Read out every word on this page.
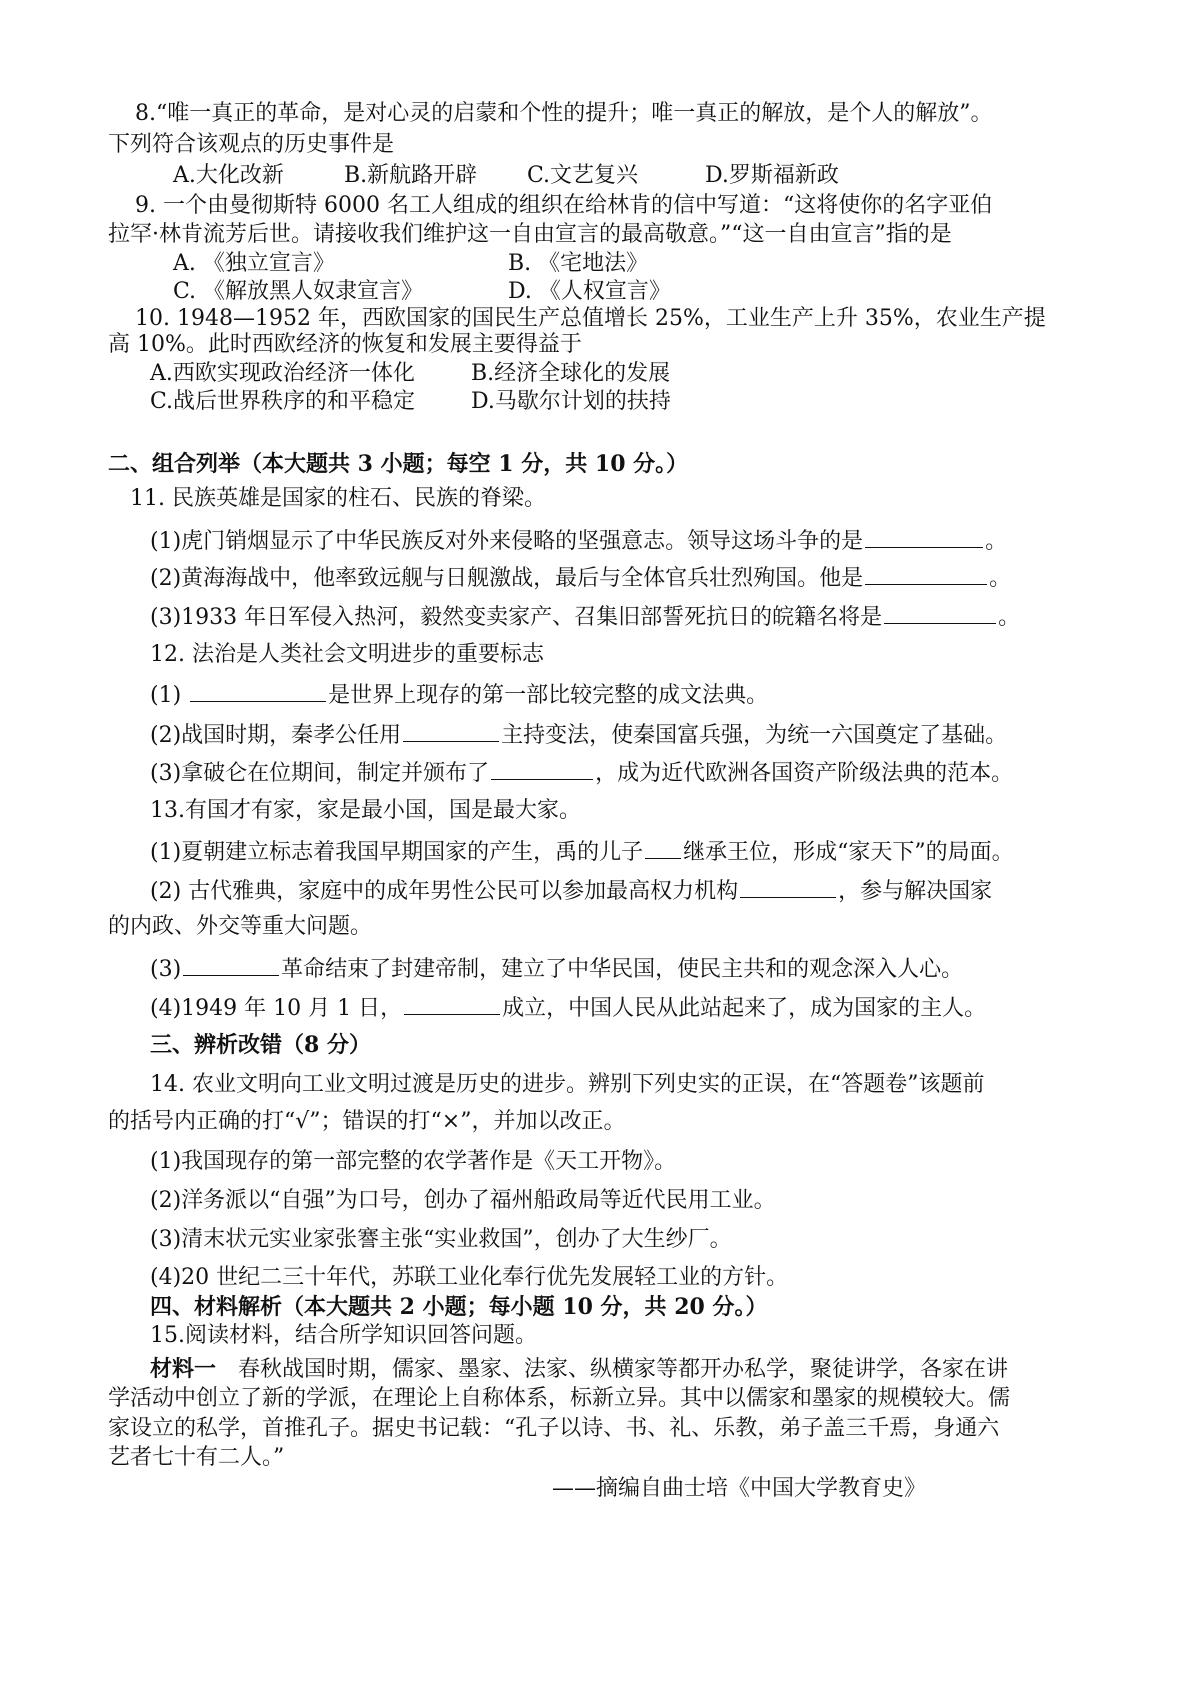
8.“唯一真正的革命，是对心灵的启蒙和个性的提升；唯一真正的解放，是个人的解放”。
下列符合该观点的历史事件是
A.大化改新	B.新航路开辟 C.文艺复兴	D.罗斯福新政
9. 一个由曼彻斯特 6000 名工人组成的组织在给林肯的信中写道：“这将使你的名字亚伯
拉罕·林肯流芳后世。请接收我们维护这一自由宣言的最高敬意。”“这一自由宣言”指的是
A. 《独立宣言》	B. 《宅地法》
C. 《解放黑人奴隶宣言》	D. 《人权宣言》
10. 1948—1952 年，西欧国家的国民生产总值增长 25%，工业生产上升 35%，农业生产提
高 10%。此时西欧经济的恢复和发展主要得益于
A.西欧实现政治经济一体化	B.经济全球化的发展
C.战后世界秩序的和平稳定	D.马歇尔计划的扶持
二、组合列举（本大题共 3 小题；每空 1 分，共 10 分。）
11. 民族英雄是国家的柱石、民族的脊梁。
(1)虎门销烟显示了中华民族反对外来侵略的坚强意志。领导这场斗争的是	。
(2)黄海海战中，他率致远舰与日舰激战，最后与全体官兵壮烈殉国。他是	。
(3)1933 年日军侵入热河，毅然变卖家产、召集旧部誓死抗日的皖籍名将是	。
12. 法治是人类社会文明进步的重要标志
(1)	是世界上现存的第一部比较完整的成文法典。
(2)战国时期，秦孝公任用	主持变法，使秦国富兵强，为统一六国奠定了基础。
(3)拿破仑在位期间，制定并颁布了	，成为近代欧洲各国资产阶级法典的范本。
13.有国才有家，家是最小国，国是最大家。
(1)夏朝建立标志着我国早期国家的产生，禹的儿子 继承王位，形成“家天下”的局面。
(2) 古代雅典，家庭中的成年男性公民可以参加最高权力机构	，参与解决国家
的内政、外交等重大问题。
(3)	革命结束了封建帝制，建立了中华民国，使民主共和的观念深入人心。
(4)1949 年 10 月 1 日，	成立，中国人民从此站起来了，成为国家的主人。
三、辨析改错（8 分）
14. 农业文明向工业文明过渡是历史的进步。辨别下列史实的正误，在“答题卷”该题前
的括号内正确的打“√”；错误的打“×”，并加以改正。
(1)我国现存的第一部完整的农学著作是《天工开物》。
(2)洋务派以“自强”为口号，创办了福州船政局等近代民用工业。
(3)清末状元实业家张謇主张“实业救国”，创办了大生纱厂。
(4)20 世纪二三十年代，苏联工业化奉行优先发展轻工业的方针。
四、材料解析（本大题共 2 小题；每小题 10 分，共 20 分。）
15.阅读材料，结合所学知识回答问题。
材料一　春秋战国时期，儒家、墨家、法家、纵横家等都开办私学，聚徒讲学，各家在讲
学活动中创立了新的学派，在理论上自称体系，标新立异。其中以儒家和墨家的规模较大。儒
家设立的私学，首推孔子。据史书记载：“孔子以诗、书、礼、乐教，弟子盖三千焉，身通六
艺者七十有二人。”
——摘编自曲士培《中国大学教育史》
